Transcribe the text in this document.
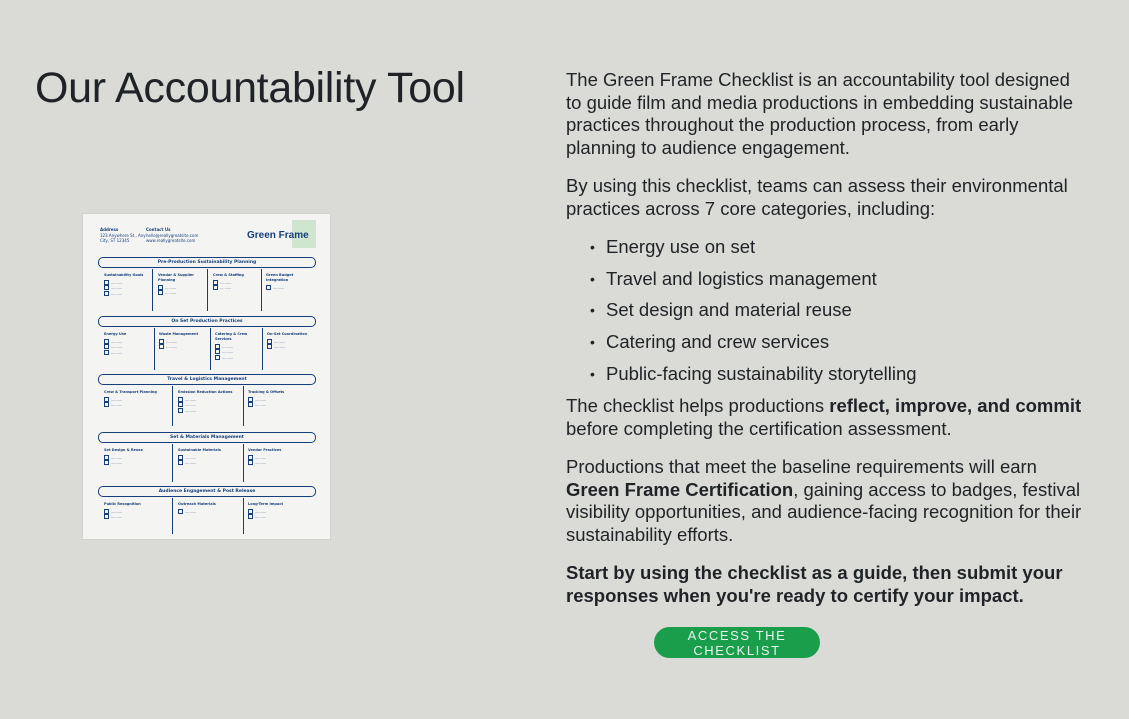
Our Accountability Tool
Address
123 Anywhere St., Any
City, ST 12345
Contact Us
hello@reallygreatsite.com
www.reallygreatsite.com	Green Frame
Pre-Production Sustainability Planning
Sustainability Goals
..........
..........
..........
Vendor & Supplier Planning
..........
..........
Crew & Staffing
..........
..........
Green Budget Integration
..........
On Set Production Practices
Energy Use
..........
..........
..........
Waste Management
..........
..........
Catering & Crew Services
..........
..........
..........
On-Set Coordination
..........
..........
Travel & Logistics Management
Crew & Transport Planning
..........
..........
Emission Reduction Actions
..........
..........
..........
Tracking & Offsets
..........
..........
Set & Materials Management
Set Design & Reuse
..........
..........
Sustainable Materials
..........
..........
Vendor Practices
..........
..........
Audience Engagement & Post Release
Public Recognition
..........
..........
Outreach Materials
..........
Long-Term Impact
..........
..........

The Green Frame Checklist is an accountability tool designed to guide film and media productions in embedding sustainable practices throughout the production process, from early planning to audience engagement.

By using this checklist, teams can assess their environmental practices across 7 core categories, including:

• Energy use on set
• Travel and logistics management
• Set design and material reuse
• Catering and crew services
• Public-facing sustainability storytelling

The checklist helps productions reflect, improve, and commit before completing the certification assessment.

Productions that meet the baseline requirements will earn Green Frame Certification, gaining access to badges, festival visibility opportunities, and audience-facing recognition for their sustainability efforts.

Start by using the checklist as a guide, then submit your responses when you're ready to certify your impact.

ACCESS THE CHECKLIST
